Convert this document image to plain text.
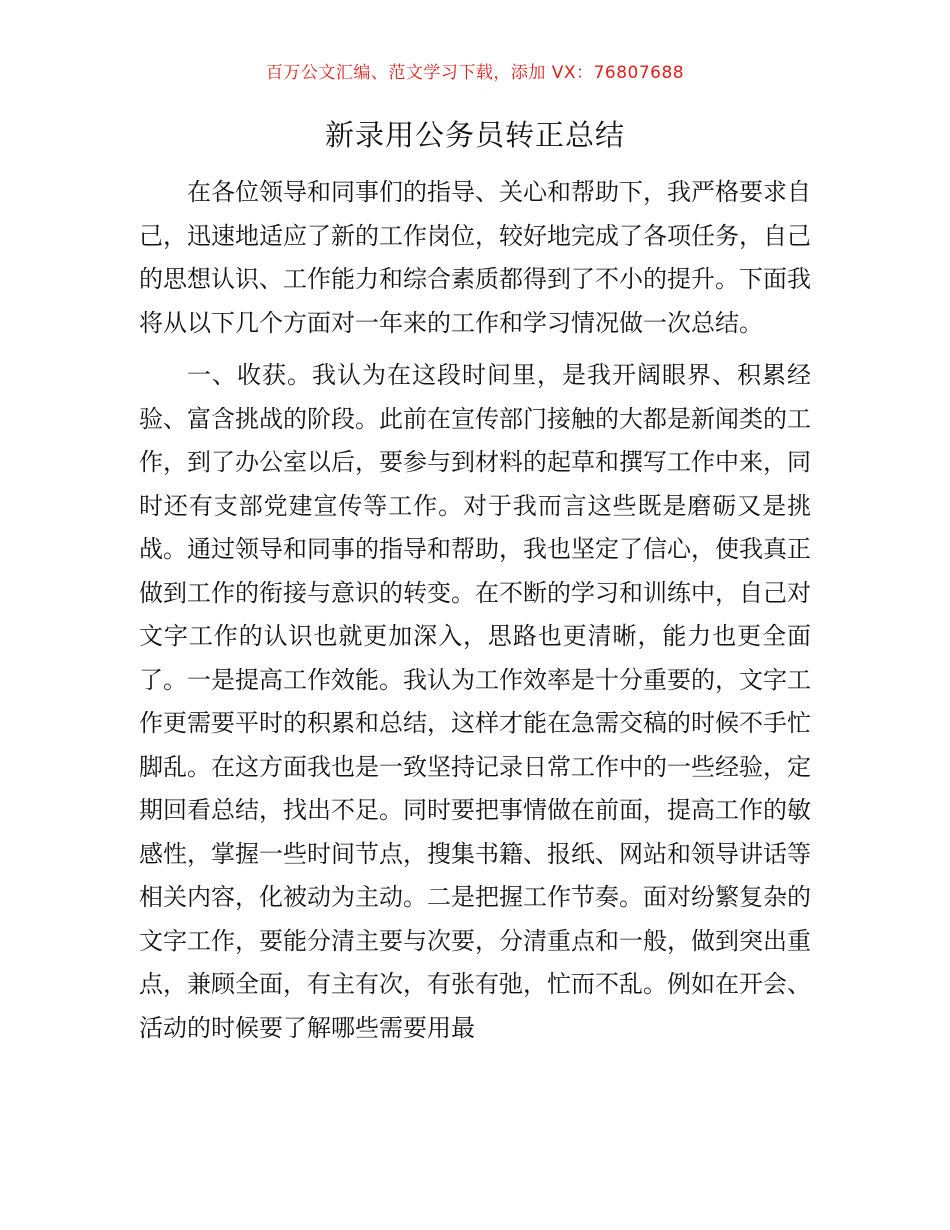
百万公文汇编、范文学习下载，添加 VX：76807688
新录用公务员转正总结

在各位领导和同事们的指导、关心和帮助下，我严格要求自己，迅速地适应了新的工作岗位，较好地完成了各项任务，自己的思想认识、工作能力和综合素质都得到了不小的提升。下面我将从以下几个方面对一年来的工作和学习情况做一次总结。

一、收获。我认为在这段时间里，是我开阔眼界、积累经验、富含挑战的阶段。此前在宣传部门接触的大都是新闻类的工作，到了办公室以后，要参与到材料的起草和撰写工作中来，同时还有支部党建宣传等工作。对于我而言这些既是磨砺又是挑战。通过领导和同事的指导和帮助，我也坚定了信心，使我真正做到工作的衔接与意识的转变。在不断的学习和训练中，自己对文字工作的认识也就更加深入，思路也更清晰，能力也更全面了。一是提高工作效能。我认为工作效率是十分重要的，文字工作更需要平时的积累和总结，这样才能在急需交稿的时候不手忙脚乱。在这方面我也是一致坚持记录日常工作中的一些经验，定期回看总结，找出不足。同时要把事情做在前面，提高工作的敏感性，掌握一些时间节点，搜集书籍、报纸、网站和领导讲话等相关内容，化被动为主动。二是把握工作节奏。面对纷繁复杂的文字工作，要能分清主要与次要，分清重点和一般，做到突出重点，兼顾全面，有主有次，有张有弛，忙而不乱。例如在开会、活动的时候要了解哪些需要用最
